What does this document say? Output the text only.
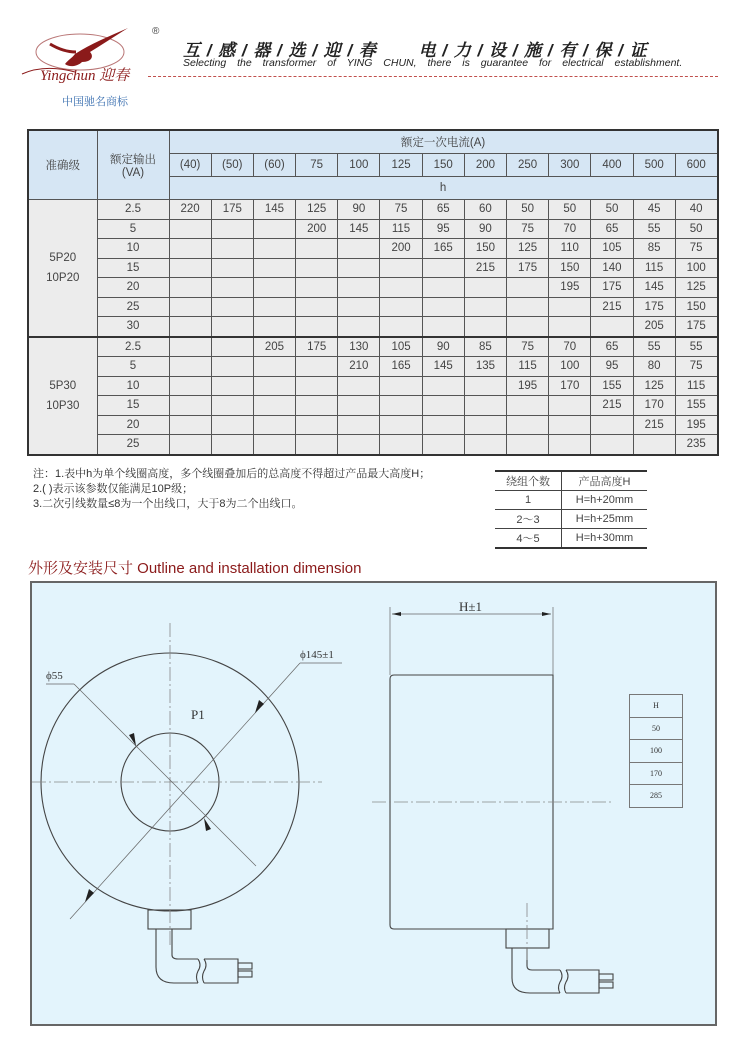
Yingchun 迎春
®
互 / 感 / 器 / 选 / 迎 / 春　　 电 / 力 / 设 / 施 / 有 / 保 / 证
Selecting the transformer of YING CHUN, there is guarantee for electrical establishment.
中国驰名商标
准确级	额定输出
(VA)	额定一次电流(A)												
		(40)	(50)	(60)	75	100	125	150	200	250	300	400	500	600
		h												

5P20
10P20	2.5	220	175	145	125	90	75	65	60	50	50	50	45	40
	5				200	145	115	95	90	75	70	65	55	50
	10						200	165	150	125	110	105	85	75
	15								215	175	150	140	115	100
	20										195	175	145	125
	25											215	175	150
	30												205	175

5P30
10P30	2.5			205	175	130	105	90	85	75	70	65	55	55
	5					210	165	145	135	115	100	95	80	75
	10									195	170	155	125	115
	15											215	170	155
	20												215	195
	25													235
注：1.表中h为单个线圈高度，多个线圈叠加后的总高度不得超过产品最大高度H；
2.( )表示该参数仅能满足10P级；
3.二次引线数量≤8为一个出线口，大于8为二个出线口。
绕组个数	产品高度H
1	H=h+20mm
2～3	H=h+25mm
4～5	H=h+30mm
外形及安装尺寸 Outline and installation dimension
ϕ55
ϕ145±1
P1
H±1
H
50
100
170
285
